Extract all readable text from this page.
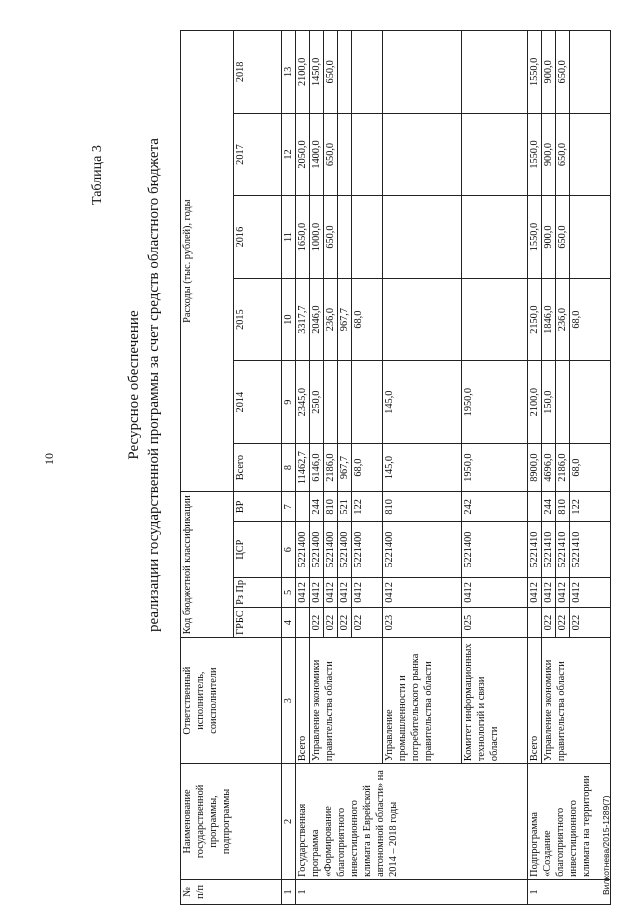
10
Таблица 3
Ресурсное обеспечение реализации государственной программы за счет средств областного бюджета
№ п/п	Наименование государственной программы, подпрограммы	Ответственный исполнитель, соисполнители	Код бюджетной классификации				Расходы (тыс. рублей), годы					
			ГРБС	Рз Пр	ЦСР	ВР	Всего	2014	2015	2016	2017	2018
1	2	3	4	5	6	7	8	9	10	11	12	13
1	Государственная программа «Формирование благоприятного инвестиционного климата в Еврейской автономной области» на 2014 – 2018 годы	Всего		0412	5221400		11462,7	2345,0	3317,7	1650,0	2050,0	2100,0
		Управление экономики правительства области	022	0412	5221400	244	6146,0	250,0	2046,0	1000,0	1400,0	1450,0
			022	0412	5221400	810	2186,0		236,0	650,0	650,0	650,0
			022	0412	5221400	521	967,7		967,7			
			022	0412	5221400	122	68,0		68,0			
		Управление промышленности и потребительского рынка правительства области	023	0412	5221400	810	145,0	145,0				
		Комитет информационных технологий и связи области	025	0412	5221400	242	1950,0	1950,0				
1	Подпрограмма «Создание благоприятного инвестиционного климата на территории	Всего		0412	5221410		8900,0	2100,0	2150,0	1550,0	1550,0	1550,0
		Управление экономики правительства области	022	0412	5221410	244	4696,0	150,0	1846,0	900,0	900,0	900,0
			022	0412	5221410	810	2186,0		236,0	650,0	650,0	650,0
			022	0412	5221410	122	68,0		68,0			
Вилкотнева/2015-1289(7)
